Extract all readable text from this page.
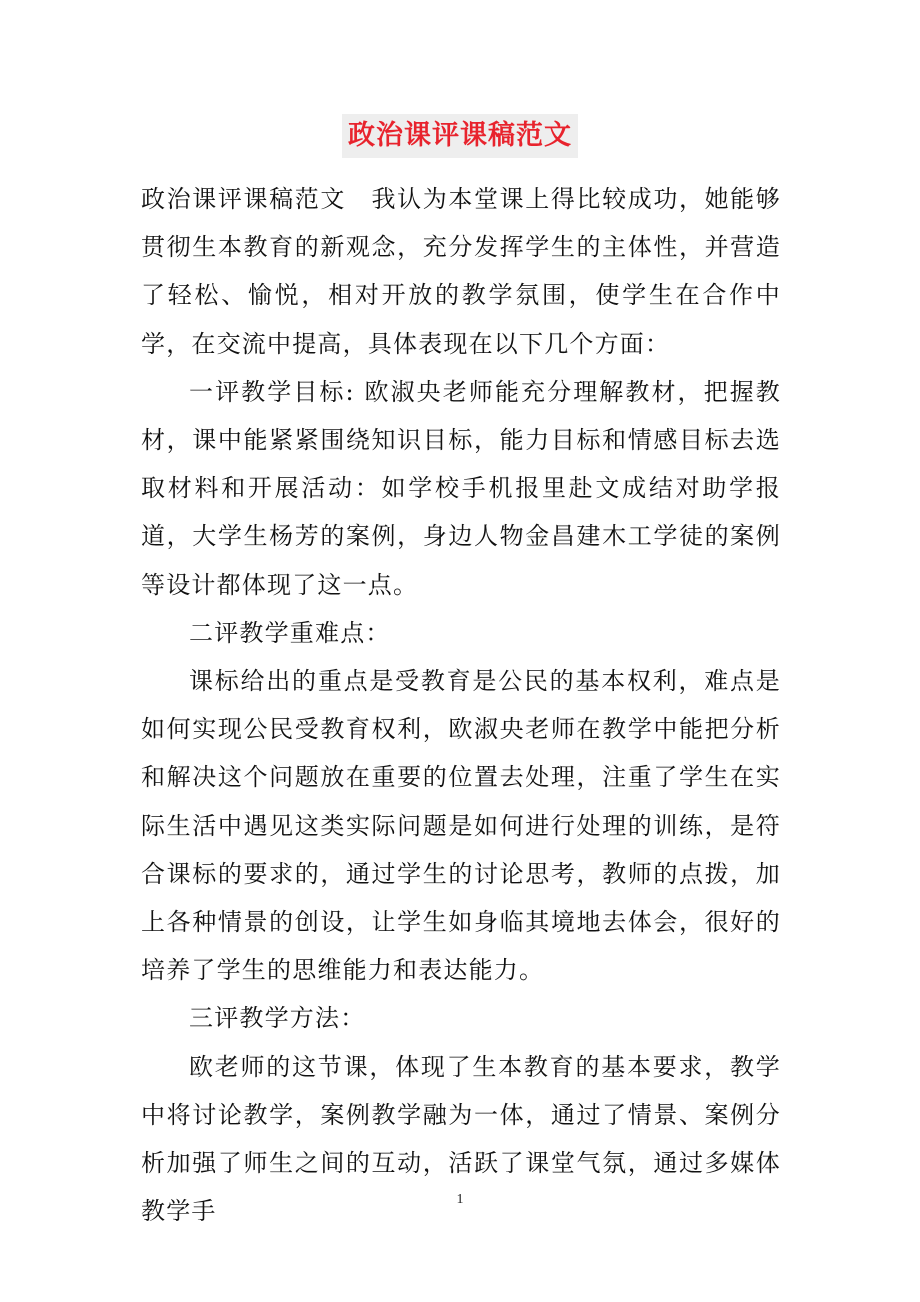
政治课评课稿范文

政治课评课稿范文　我认为本堂课上得比较成功，她能够贯彻生本教育的新观念，充分发挥学生的主体性，并营造了轻松、愉悦，相对开放的教学氛围，使学生在合作中学，在交流中提高，具体表现在以下几个方面：

一评教学目标: 欧淑央老师能充分理解教材，把握教材，课中能紧紧围绕知识目标，能力目标和情感目标去选取材料和开展活动：如学校手机报里赴文成结对助学报道，大学生杨芳的案例，身边人物金昌建木工学徒的案例等设计都体现了这一点。

二评教学重难点：

课标给出的重点是受教育是公民的基本权利，难点是如何实现公民受教育权利，欧淑央老师在教学中能把分析和解决这个问题放在重要的位置去处理，注重了学生在实际生活中遇见这类实际问题是如何进行处理的训练，是符合课标的要求的，通过学生的讨论思考，教师的点拨，加上各种情景的创设，让学生如身临其境地去体会，很好的培养了学生的思维能力和表达能力。

三评教学方法：

欧老师的这节课，体现了生本教育的基本要求，教学中将讨论教学，案例教学融为一体，通过了情景、案例分析加强了师生之间的互动，活跃了课堂气氛，通过多媒体教学手	1
